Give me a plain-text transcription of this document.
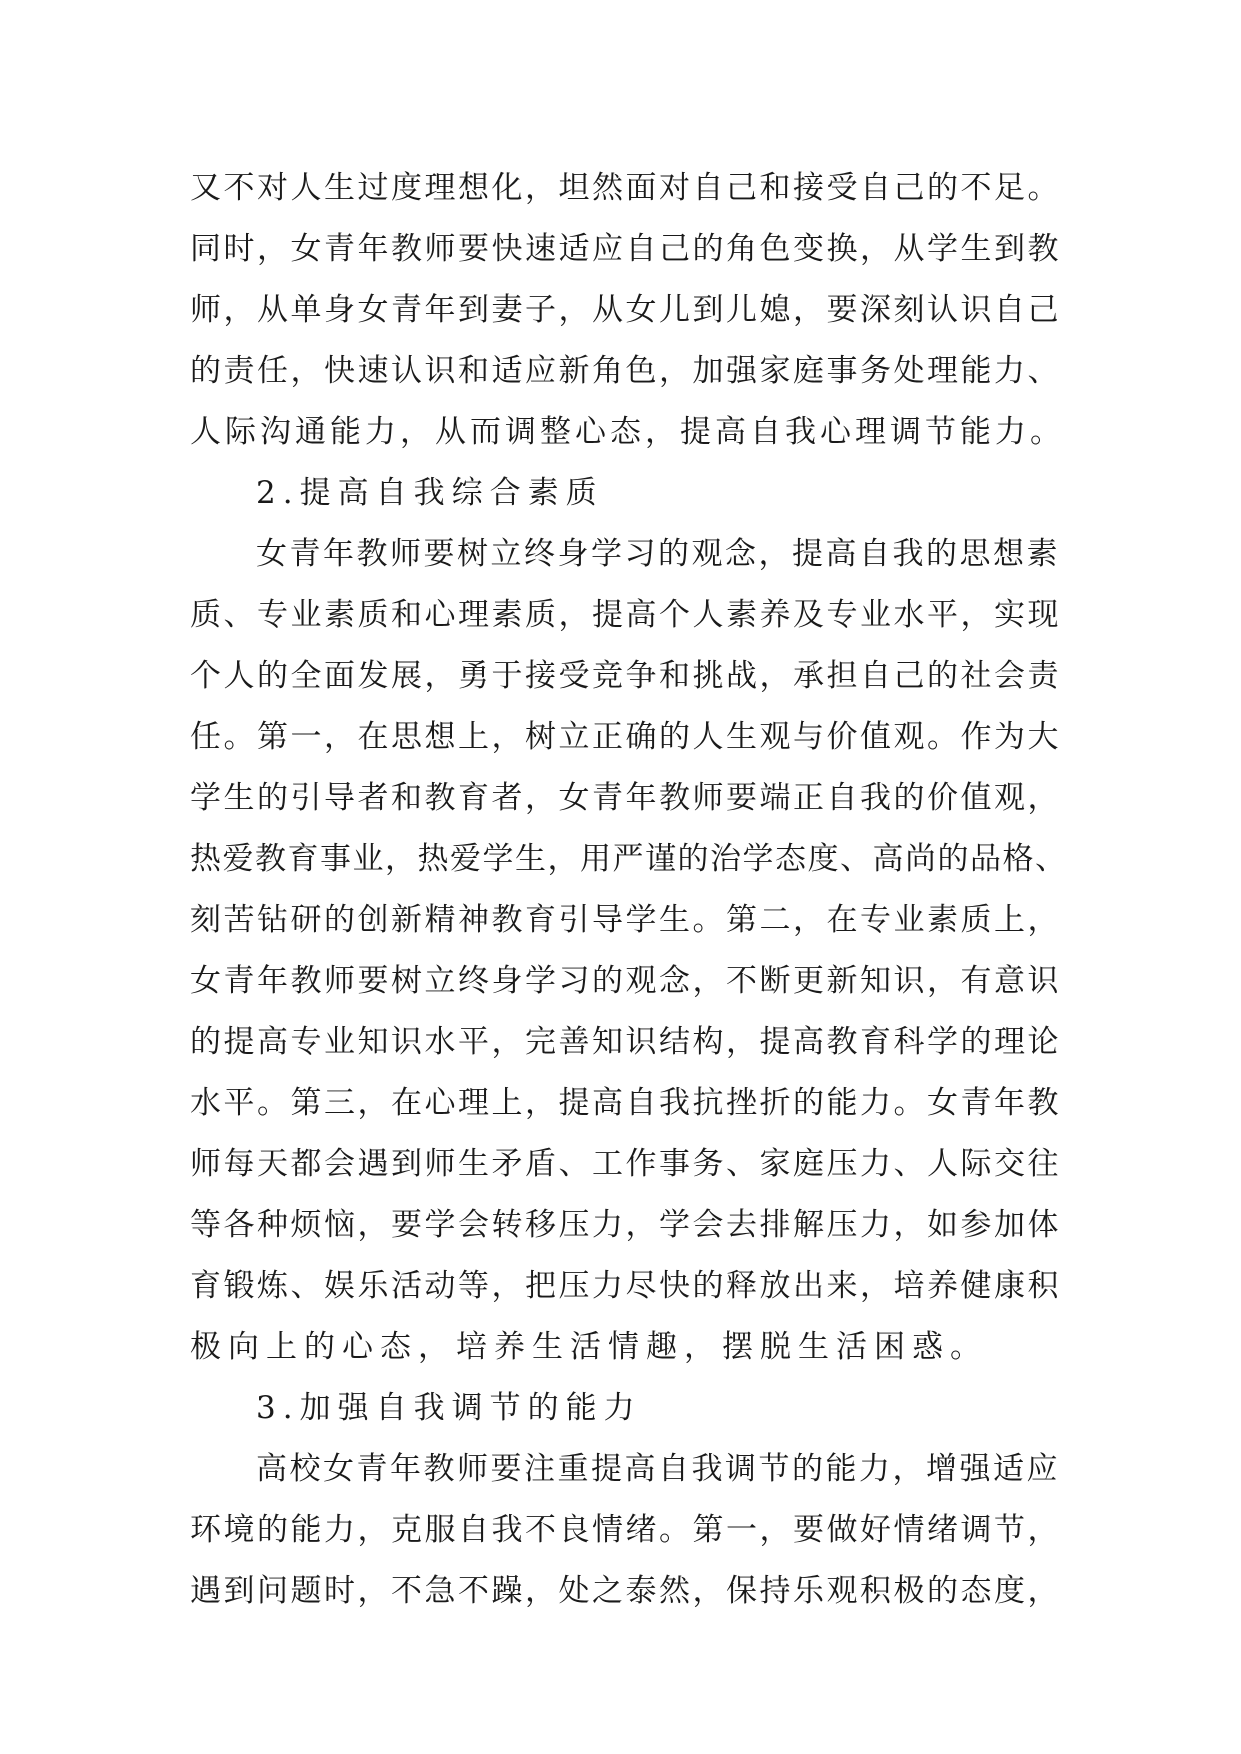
又不对人生过度理想化，坦然面对自己和接受自己的不足。
同时，女青年教师要快速适应自己的角色变换，从学生到教
师，从单身女青年到妻子，从女儿到儿媳，要深刻认识自己
的责任，快速认识和适应新角色，加强家庭事务处理能力、
人际沟通能力，从而调整心态，提高自我心理调节能力。
2.提高自我综合素质
女青年教师要树立终身学习的观念，提高自我的思想素
质、专业素质和心理素质，提高个人素养及专业水平，实现
个人的全面发展，勇于接受竞争和挑战，承担自己的社会责
任。第一，在思想上，树立正确的人生观与价值观。作为大
学生的引导者和教育者，女青年教师要端正自我的价值观，
热爱教育事业，热爱学生，用严谨的治学态度、高尚的品格、
刻苦钻研的创新精神教育引导学生。第二，在专业素质上，
女青年教师要树立终身学习的观念，不断更新知识，有意识
的提高专业知识水平，完善知识结构，提高教育科学的理论
水平。第三，在心理上，提高自我抗挫折的能力。女青年教
师每天都会遇到师生矛盾、工作事务、家庭压力、人际交往
等各种烦恼，要学会转移压力，学会去排解压力，如参加体
育锻炼、娱乐活动等，把压力尽快的释放出来，培养健康积
极向上的心态，培养生活情趣，摆脱生活困惑。
3.加强自我调节的能力
高校女青年教师要注重提高自我调节的能力，增强适应
环境的能力，克服自我不良情绪。第一，要做好情绪调节，
遇到问题时，不急不躁，处之泰然，保持乐观积极的态度，
